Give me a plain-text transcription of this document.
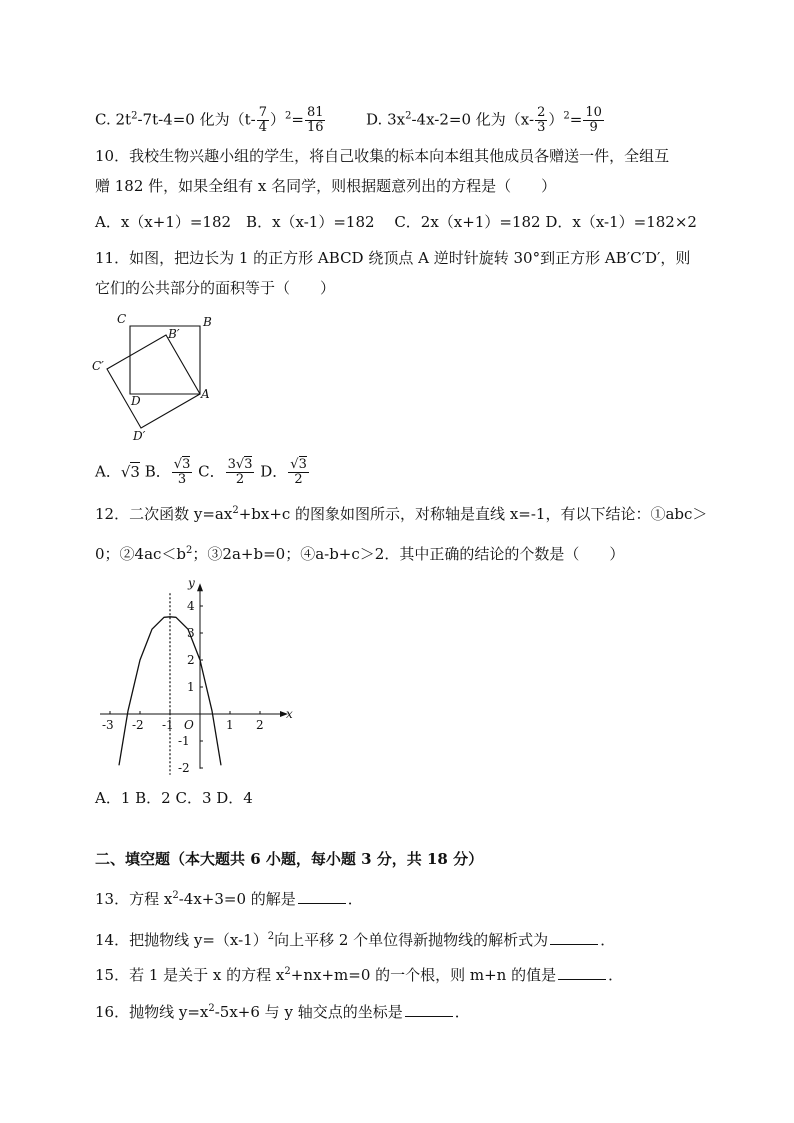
C. $2t^2-7t-4=0$ 化为$(t- \frac{7}{4} )^2= \frac{81}{16}$	D. $3x^2-4x-2=0$ 化为$(x- \frac{2}{3} )^2= \frac{10}{9}$
10．我校生物兴趣小组的学生，将自己收集的标本向本组其他成员各赠送一件，全组互
赠 182 件，如果全组有 x 名同学，则根据题意列出的方程是（　　）
A．x（x+1）=182　B．x（x-1）=182　 C．2x（x+1）=182 D．x（x-1）=182×2
11．如图，把边长为 1 的正方形 ABCD 绕顶点 A 逆时针旋转 30°到正方形 AB′C′D′，则
它们的公共部分的面积等于（　　）
C	B
B′
C′
D	A
D′
A．√3 B． $\frac{√3}{3}$ C． $\frac{3√3}{2}$ D． $\frac{√3}{2}$
12．二次函数 $y=ax^2+bx+c$ 的图象如图所示，对称轴是直线 x=-1，有以下结论：①abc＞
0；$②4ac<b^2$；③2a+b=0；④a-b+c＞2．其中正确的结论的个数是（　　）
x
y
O
-3 -2 -1	1 2
4
3
2
1
-1
-2
A．1 B．2 C．3 D．4
二、填空题（本大题共 6 小题，每小题 3 分，共 18 分）
13．方程 $x^2-4x+3=0$ 的解是	．
14．把抛物线 $y=(x-1)^2$向上平移 2 个单位得新抛物线的解析式为	．
15．若 1 是关于 x 的方程 $x^2+nx+m=0$ 的一个根，则 m+n 的值是	．
16．抛物线 $y=x^2-5x+6$ 与 y 轴交点的坐标是	．
